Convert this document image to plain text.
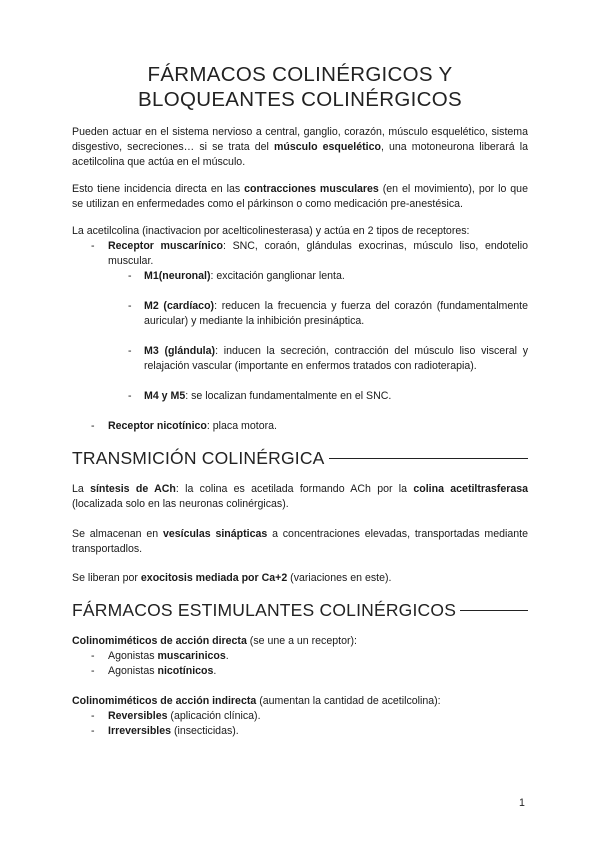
FÁRMACOS COLINÉRGICOS Y
BLOQUEANTES COLINÉRGICOS

Pueden actuar en el sistema nervioso a central, ganglio, corazón, músculo esquelético, sistema disgestivo, secreciones… si se trata del músculo esquelético, una motoneurona liberará la acetilcolina que actúa en el músculo.

Esto tiene incidencia directa en las contracciones musculares (en el movimiento), por lo que se utilizan en enfermedades como el párkinson o como medicación pre-anestésica.

La acetilcolina (inactivacion por acelticolinesterasa) y actúa en 2 tipos de receptores:

- Receptor muscarínico: SNC, coraón, glándulas exocrinas, músculo liso, endotelio muscular.
- M1(neuronal): excitación ganglionar lenta.
- M2 (cardíaco): reducen la frecuencia y fuerza del corazón (fundamentalmente auricular) y mediante la inhibición presináptica.
- M3 (glándula): inducen la secreción, contracción del músculo liso visceral y relajación vascular (importante en enfermos tratados con radioterapia).
- M4 y M5: se localizan fundamentalmente en el SNC.
- Receptor nicotínico: placa motora.
TRANSMICIÓN COLINÉRGICA

La síntesis de ACh: la colina es acetilada formando ACh por la colina acetiltrasferasa (localizada solo en las neuronas colinérgicas).

Se almacenan en vesículas sinápticas a concentraciones elevadas, transportadas mediante transportadlos.

Se liberan por exocitosis mediada por Ca+2 (variaciones en este).

FÁRMACOS ESTIMULANTES COLINÉRGICOS

Colinomiméticos de acción directa (se une a un receptor):

- Agonistas muscarinicos.
- Agonistas nicotínicos.

Colinomiméticos de acción indirecta (aumentan la cantidad de acetilcolina):

- Reversibles (aplicación clínica).
- Irreversibles (insecticidas).
1
